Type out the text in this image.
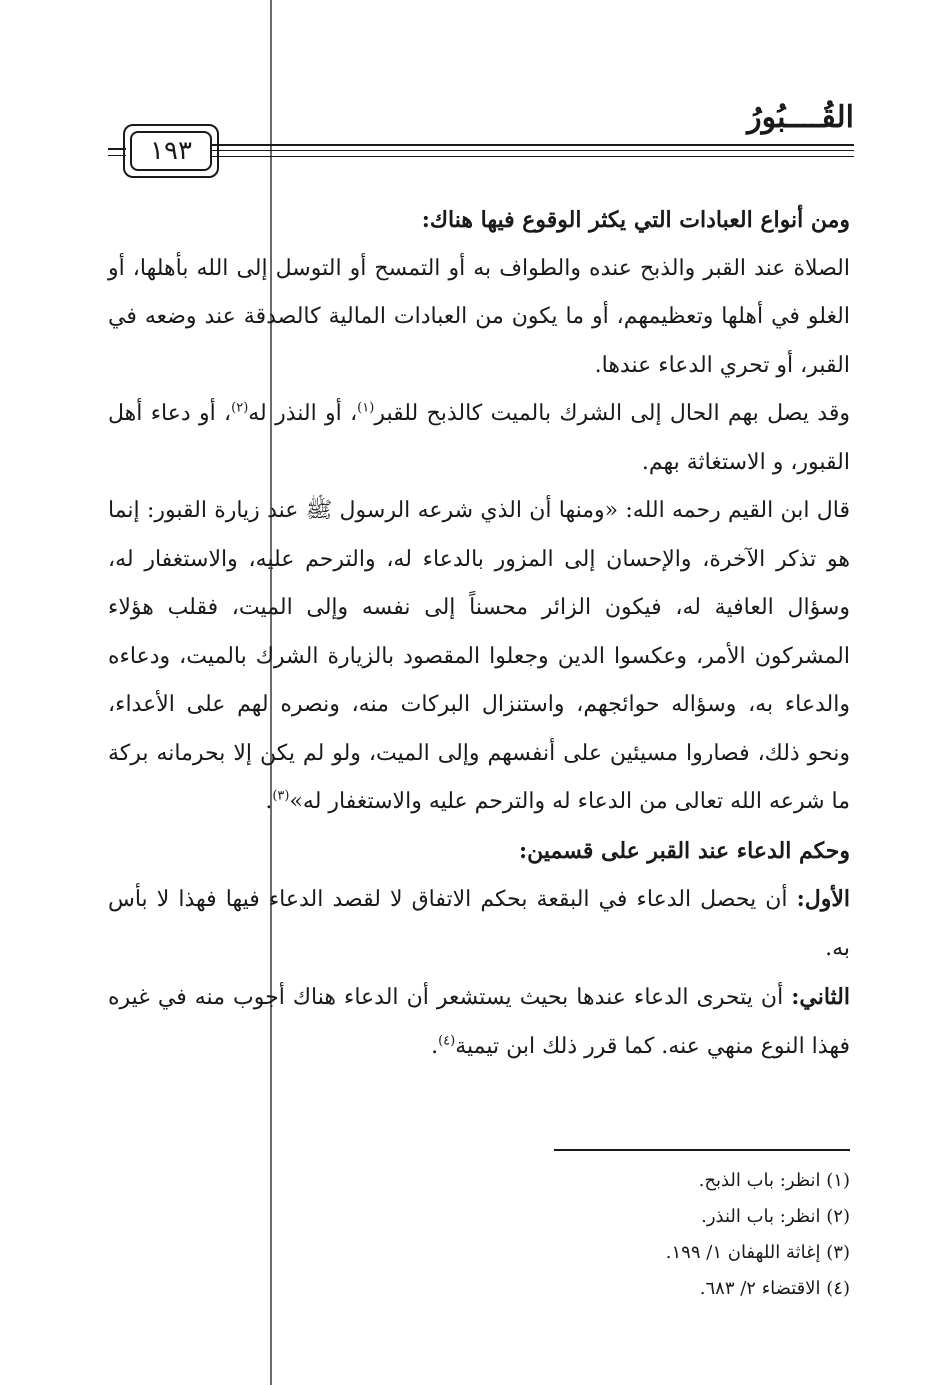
القُــــبُورُ
١٩٣

ومن أنواع العبادات التي يكثر الوقوع فيها هناك:

الصلاة عند القبر والذبح عنده والطواف به أو التمسح أو التوسل إلى الله بأهلها، أو الغلو في أهلها وتعظيمهم، أو ما يكون من العبادات المالية كالصدقة عند وضعه في القبر، أو تحري الدعاء عندها.

وقد يصل بهم الحال إلى الشرك بالميت كالذبح للقبر$^{(١)}$، أو النذر له$^{(٢)}$، أو دعاء أهل القبور، و الاستغاثة بهم.

قال ابن القيم رحمه الله: «ومنها أن الذي شرعه الرسول ﷺ عند زيارة القبور: إنما هو تذكر الآخرة، والإحسان إلى المزور بالدعاء له، والترحم عليه، والاستغفار له، وسؤال العافية له، فيكون الزائر محسناً إلى نفسه وإلى الميت، فقلب هؤلاء المشركون الأمر، وعكسوا الدين وجعلوا المقصود بالزيارة الشرك بالميت، ودعاءه والدعاء به، وسؤاله حوائجهم، واستنزال البركات منه، ونصره لهم على الأعداء، ونحو ذلك، فصاروا مسيئين على أنفسهم وإلى الميت، ولو لم يكن إلا بحرمانه بركة ما شرعه الله تعالى من الدعاء له والترحم عليه والاستغفار له»$^{(٣)}$.

وحكم الدعاء عند القبر على قسمين:

الأول: أن يحصل الدعاء في البقعة بحكم الاتفاق لا لقصد الدعاء فيها فهذا لا بأس به.

الثاني: أن يتحرى الدعاء عندها بحيث يستشعر أن الدعاء هناك أجوب منه في غيره فهذا النوع منهي عنه. كما قرر ذلك ابن تيمية$^{(٤)}$.

(١) انظر: باب الذبح.
(٢) انظر: باب النذر.
(٣) إغاثة اللهفان ١/ ١٩٩.
(٤) الاقتضاء ٢/ ٦٨٣.
